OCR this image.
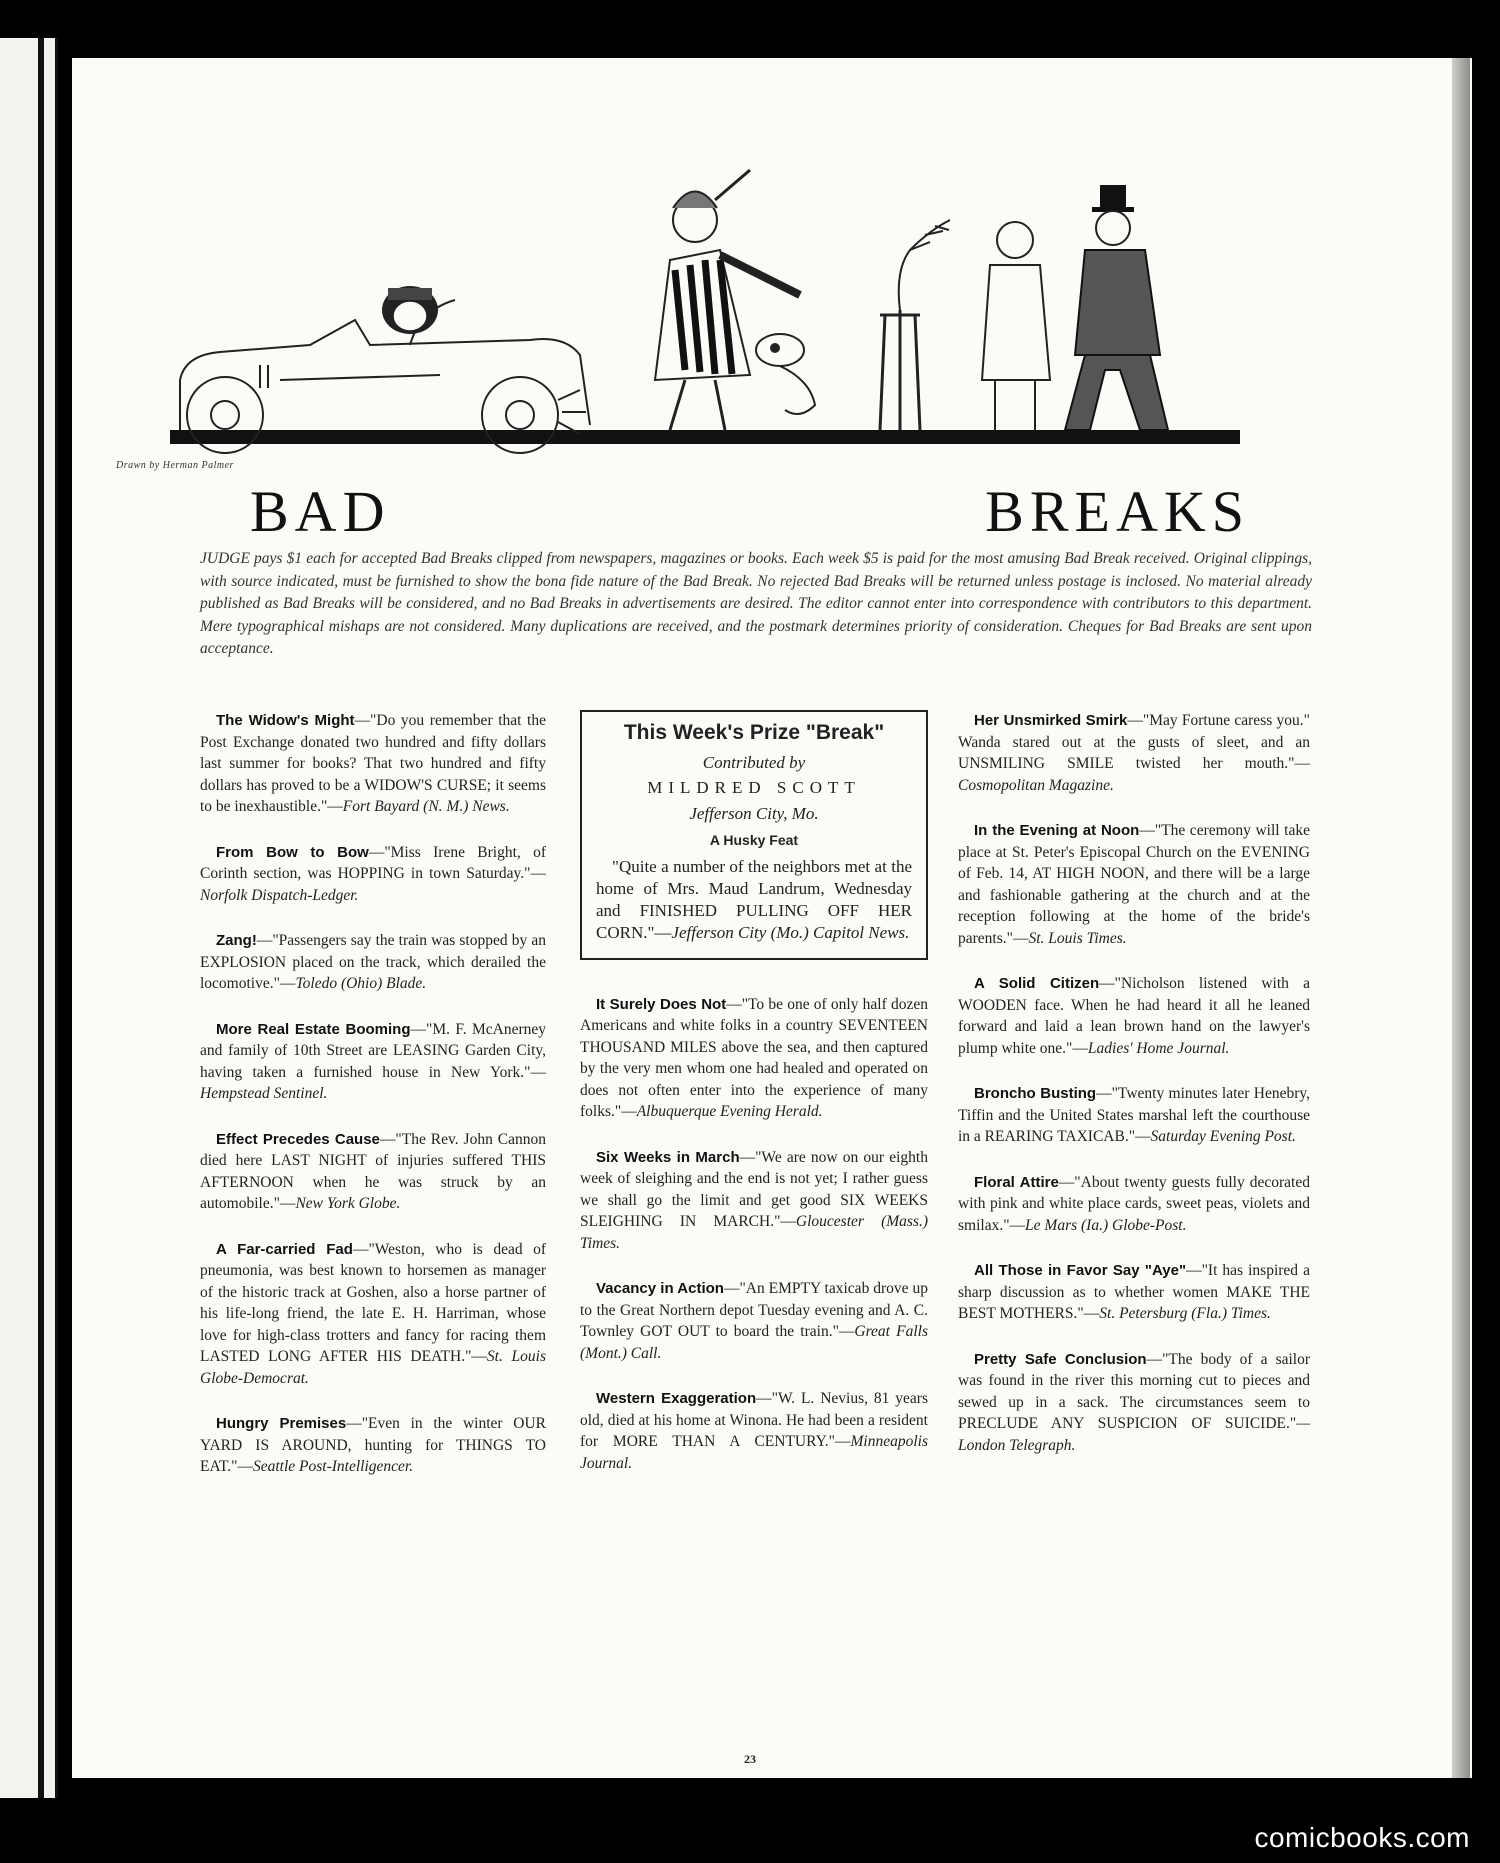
Drawn by Herman Palmer
BAD BREAKS
JUDGE pays $1 each for accepted Bad Breaks clipped from newspapers, magazines or books. Each week $5 is paid for the most amusing Bad Break received. Original clippings, with source indicated, must be furnished to show the bona fide nature of the Bad Break. No rejected Bad Breaks will be returned unless postage is inclosed. No material already published as Bad Breaks will be considered, and no Bad Breaks in advertisements are desired. The editor cannot enter into correspondence with contributors to this department. Mere typographical mishaps are not considered. Many duplications are received, and the postmark determines priority of consideration. Cheques for Bad Breaks are sent upon acceptance.

The Widow's Might—"Do you remember that the Post Exchange donated two hundred and fifty dollars last summer for books? That two hundred and fifty dollars has proved to be a WIDOW'S CURSE; it seems to be inexhaustible."—Fort Bayard (N. M.) News.

From Bow to Bow—"Miss Irene Bright, of Corinth section, was HOPPING in town Saturday."—Norfolk Dispatch-Ledger.

Zang!—"Passengers say the train was stopped by an EXPLOSION placed on the track, which derailed the locomotive."—Toledo (Ohio) Blade.

More Real Estate Booming—"M. F. McAnerney and family of 10th Street are LEASING Garden City, having taken a furnished house in New York."—Hempstead Sentinel.

Effect Precedes Cause—"The Rev. John Cannon died here LAST NIGHT of injuries suffered THIS AFTERNOON when he was struck by an automobile."—New York Globe.

A Far-carried Fad—"Weston, who is dead of pneumonia, was best known to horsemen as manager of the historic track at Goshen, also a horse partner of his life-long friend, the late E. H. Harriman, whose love for high-class trotters and fancy for racing them LASTED LONG AFTER HIS DEATH."—St. Louis Globe-Democrat.

Hungry Premises—"Even in the winter OUR YARD IS AROUND, hunting for THINGS TO EAT."—Seattle Post-Intelligencer.

This Week's Prize "Break"
Contributed by
MILDRED SCOTT
Jefferson City, Mo.
A Husky Feat

"Quite a number of the neighbors met at the home of Mrs. Maud Landrum, Wednesday and FINISHED PULLING OFF HER CORN."—Jefferson City (Mo.) Capitol News.

It Surely Does Not—"To be one of only half dozen Americans and white folks in a country SEVENTEEN THOUSAND MILES above the sea, and then captured by the very men whom one had healed and operated on does not often enter into the experience of many folks."—Albuquerque Evening Herald.

Six Weeks in March—"We are now on our eighth week of sleighing and the end is not yet; I rather guess we shall go the limit and get good SIX WEEKS SLEIGHING IN MARCH."—Gloucester (Mass.) Times.

Vacancy in Action—"An EMPTY taxicab drove up to the Great Northern depot Tuesday evening and A. C. Townley GOT OUT to board the train."—Great Falls (Mont.) Call.

Western Exaggeration—"W. L. Nevius, 81 years old, died at his home at Winona. He had been a resident for MORE THAN A CENTURY."—Minneapolis Journal.

Her Unsmirked Smirk—"May Fortune caress you." Wanda stared out at the gusts of sleet, and an UNSMILING SMILE twisted her mouth."—Cosmopolitan Magazine.

In the Evening at Noon—"The ceremony will take place at St. Peter's Episcopal Church on the EVENING of Feb. 14, AT HIGH NOON, and there will be a large and fashionable gathering at the church and at the reception following at the home of the bride's parents."—St. Louis Times.

A Solid Citizen—"Nicholson listened with a WOODEN face. When he had heard it all he leaned forward and laid a lean brown hand on the lawyer's plump white one."—Ladies' Home Journal.

Broncho Busting—"Twenty minutes later Henebry, Tiffin and the United States marshal left the courthouse in a REARING TAXICAB."—Saturday Evening Post.

Floral Attire—"About twenty guests fully decorated with pink and white place cards, sweet peas, violets and smilax."—Le Mars (Ia.) Globe-Post.

All Those in Favor Say "Aye"—"It has inspired a sharp discussion as to whether women MAKE THE BEST MOTHERS."—St. Petersburg (Fla.) Times.

Pretty Safe Conclusion—"The body of a sailor was found in the river this morning cut to pieces and sewed up in a sack. The circumstances seem to PRECLUDE ANY SUSPICION OF SUICIDE."—London Telegraph.

23
comicbooks.com
